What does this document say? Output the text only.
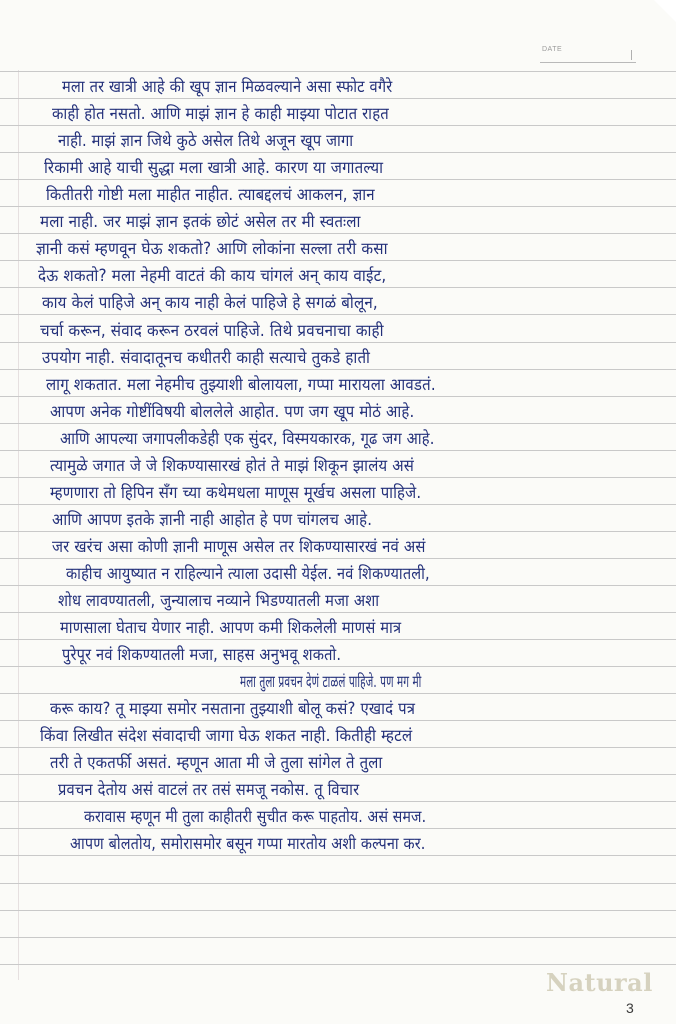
DATE
मला तर खात्री आहे की खूप ज्ञान मिळवल्याने असा स्फोट वगैरे
काही होत नसतो. आणि माझं ज्ञान हे काही माझ्या पोटात राहत
नाही. माझं ज्ञान जिथे कुठे असेल तिथे अजून खूप जागा
रिकामी आहे याची सुद्धा मला खात्री आहे. कारण या जगातल्या
कितीतरी गोष्टी मला माहीत नाहीत. त्याबद्दलचं आकलन, ज्ञान
मला नाही. जर माझं ज्ञान इतकं छोटं असेल तर मी स्वतःला
ज्ञानी कसं म्हणवून घेऊ शकतो? आणि लोकांना सल्ला तरी कसा
देऊ शकतो? मला नेहमी वाटतं की काय चांगलं अन् काय वाईट,
काय केलं पाहिजे अन् काय नाही केलं पाहिजे हे सगळं बोलून,
चर्चा करून, संवाद करून ठरवलं पाहिजे. तिथे प्रवचनाचा काही
उपयोग नाही. संवादातूनच कधीतरी काही सत्याचे तुकडे हाती
लागू शकतात. मला नेहमीच तुझ्याशी बोलायला, गप्पा मारायला आवडतं.
आपण अनेक गोष्टींविषयी बोललेले आहोत. पण जग खूप मोठं आहे.
आणि आपल्या जगापलीकडेही एक सुंदर, विस्मयकारक, गूढ जग आहे.
त्यामुळे जगात जे जे शिकण्यासारखं होतं ते माझं शिकून झालंय असं
म्हणणारा तो हिपिन सँग च्या कथेमधला माणूस मूर्खच असला पाहिजे.
आणि आपण इतके ज्ञानी नाही आहोत हे पण चांगलच आहे.
जर खरंच असा कोणी ज्ञानी माणूस असेल तर शिकण्यासारखं नवं असं
काहीच आयुष्यात न राहिल्याने त्याला उदासी येईल. नवं शिकण्यातली,
शोध लावण्यातली, जुन्यालाच नव्याने भिडण्यातली मजा अशा
माणसाला घेताच येणार नाही. आपण कमी शिकलेली माणसं मात्र
पुरेपूर नवं शिकण्यातली मजा, साहस अनुभवू शकतो.
मला तुला प्रवचन देणं टाळलं पाहिजे. पण मग मी
करू काय? तू माझ्या समोर नसताना तुझ्याशी बोलू कसं? एखादं पत्र
किंवा लिखीत संदेश संवादाची जागा घेऊ शकत नाही. कितीही म्हटलं
तरी ते एकतर्फी असतं. म्हणून आता मी जे तुला सांगेल ते तुला
प्रवचन देतोय असं वाटलं तर तसं समजू नकोस. तू विचार
करावास म्हणून मी तुला काहीतरी सुचीत करू पाहतोय. असं समज.
आपण बोलतोय, समोरासमोर बसून गप्पा मारतोय अशी कल्पना कर.
Natural
3
